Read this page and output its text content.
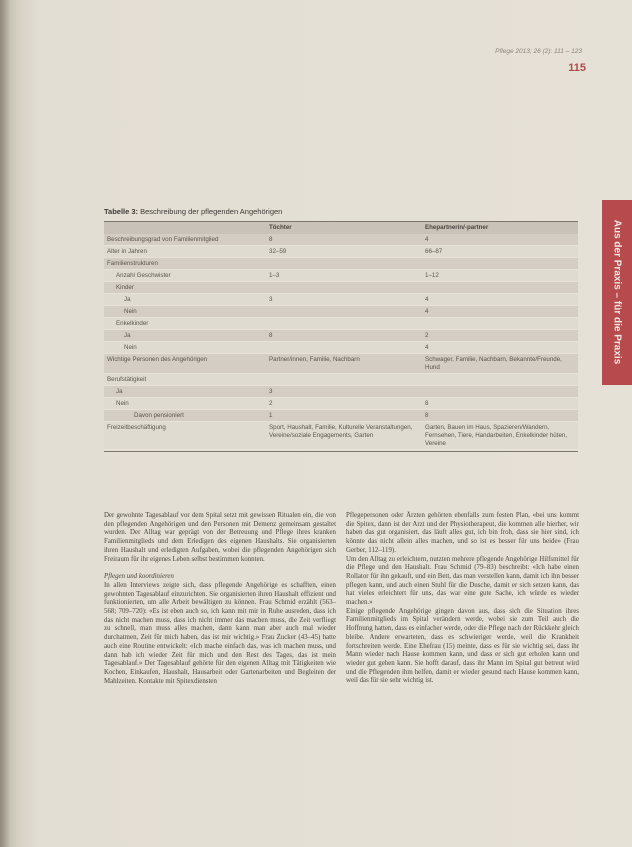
Pflege 2013; 26 (2): 111 – 123
115
Aus der Praxis – für die Praxis
Tabelle 3: Beschreibung der pflegenden Angehörigen
	Töchter	Ehepartnerin/-partner
Beschreibungsgrad von Familienmitglied	8	4
Alter in Jahren	32–59	66–87
Familienstrukturen		
Anzahl Geschwister	1–3	1–12
Kinder		
Ja	3	4
Nein		4
Enkelkinder		
Ja	8	2
Nein		4
Wichtige Personen des Angehörigen	Partner/innen, Familie, Nachbarn	Schwager, Familie, Nachbarn, Bekannte/Freunde, Hund
Berufstätigkeit		
Ja	3	
Nein	2	8
Davon pensioniert	1	8
Freizeitbeschäftigung	Sport, Haushalt, Familie, Kulturelle Veranstaltungen, Vereine/soziale Engagements, Garten	Garten, Bauen im Haus, Spazieren/Wandern, Fernsehen, Tiere, Handarbeiten, Enkelkinder hüten, Vereine

Der gewohnte Tagesablauf vor dem Spital setzt mit gewissen Ritualen ein, die von den pflegenden Angehörigen und den Personen mit Demenz gemeinsam gestaltet wurden. Der Alltag war geprägt von der Betreuung und Pflege ihres kranken Familienmitglieds und dem Erledigen des eigenen Haushalts. Sie organisierten ihren Haushalt und erledigten Aufgaben, wobei die pflegenden Angehörigen sich Freiraum für ihr eigenes Leben selbst bestimmen konnten.

Pflegen und koordinieren

In allen Interviews zeigte sich, dass pflegende Angehörige es schafften, einen gewohnten Tagesablauf einzurichten. Sie organisierten ihren Haushalt effizient und funktionierten, um alle Arbeit bewältigen zu können. Frau Schmid erzählt (563–568; 709–720): «Es ist eben auch so, ich kann mit mir in Ruhe ausreden, dass ich das nicht machen muss, dass ich nicht immer das machen muss, die Zeit verfliegt zu schnell, man muss alles machen, dann kann man aber auch mal wieder durchatmen, Zeit für mich haben, das ist mir wichtig.» Frau Zucker (43–45) hatte auch eine Routine entwickelt: «Ich mache einfach das, was ich machen muss, und dann hab ich wieder Zeit für mich und den Rest des Tages, das ist mein Tagesablauf.» Der Tagesablauf gehörte für den eigenen Alltag mit Tätigkeiten wie Kochen, Einkaufen, Haushalt, Hausarbeit oder Gartenarbeiten und Begleiten der Mahlzeiten. Kontakte mit Spitexdiensten

Pflegepersonen oder Ärzten gehörten ebenfalls zum festen Plan, «bei uns kommt die Spitex, dann ist der Arzt und der Physiotherapeut, die kommen alle hierher, wir haben das gut organisiert, das läuft alles gut, ich bin froh, dass sie hier sind, ich könnte das nicht allein alles machen, und so ist es besser für uns beide» (Frau Gerber, 112–119).

Um den Alltag zu erleichtern, nutzten mehrere pflegende Angehörige Hilfsmittel für die Pflege und den Haushalt. Frau Schmid (79–83) beschreibt: «Ich habe einen Rollator für ihn gekauft, und ein Bett, das man verstellen kann, damit ich ihn besser pflegen kann, und auch einen Stuhl für die Dusche, damit er sich setzen kann, das hat vieles erleichtert für uns, das war eine gute Sache, ich würde es wieder machen.»

Einige pflegende Angehörige gingen davon aus, dass sich die Situation ihres Familienmitglieds im Spital verändern werde, wobei sie zum Teil auch die Hoffnung hatten, dass es einfacher werde, oder die Pflege nach der Rückkehr gleich bleibe. Andere erwarteten, dass es schwieriger werde, weil die Krankheit fortschreiten werde. Eine Ehefrau (15) meinte, dass es für sie wichtig sei, dass ihr Mann wieder nach Hause kommen kann, und dass er sich gut erholen kann und wieder gut gehen kann. Sie hofft darauf, dass ihr Mann im Spital gut betreut wird und die Pflegenden ihm helfen, damit er wieder gesund nach Hause kommen kann, weil das für sie sehr wichtig ist.
